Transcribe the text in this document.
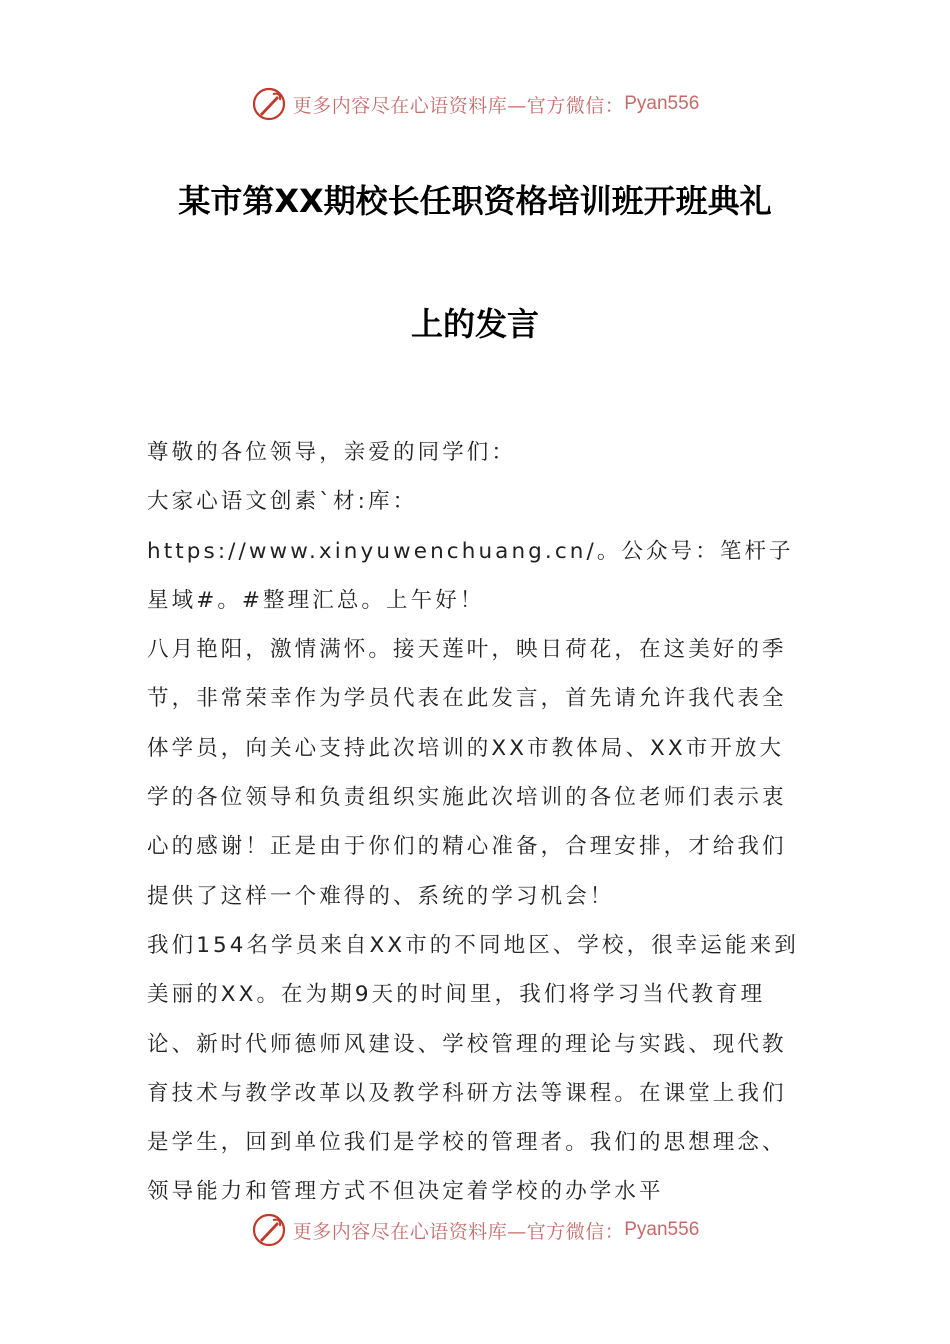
更多内容尽在心语资料库—官方微信： Pyan556
某市第XX期校长任职资格培训班开班典礼
上的发言

尊敬的各位领导，亲爱的同学们：

大家心语文创素`材:库：https://www.xinyuwenchuang.cn/。公众号：笔杆子星域#。#整理汇总。上午好！

八月艳阳，激情满怀。接天莲叶，映日荷花，在这美好的季节，非常荣幸作为学员代表在此发言，首先请允许我代表全体学员，向关心支持此次培训的XX市教体局、XX市开放大学的各位领导和负责组织实施此次培训的各位老师们表示衷心的感谢！正是由于你们的精心准备，合理安排，才给我们提供了这样一个难得的、系统的学习机会！

我们154名学员来自XX市的不同地区、学校，很幸运能来到美丽的XX。在为期9天的时间里，我们将学习当代教育理论、新时代师德师风建设、学校管理的理论与实践、现代教育技术与教学改革以及教学科研方法等课程。在课堂上我们是学生，回到单位我们是学校的管理者。我们的思想理念、领导能力和管理方式不但决定着学校的办学水平

更多内容尽在心语资料库—官方微信： Pyan556
